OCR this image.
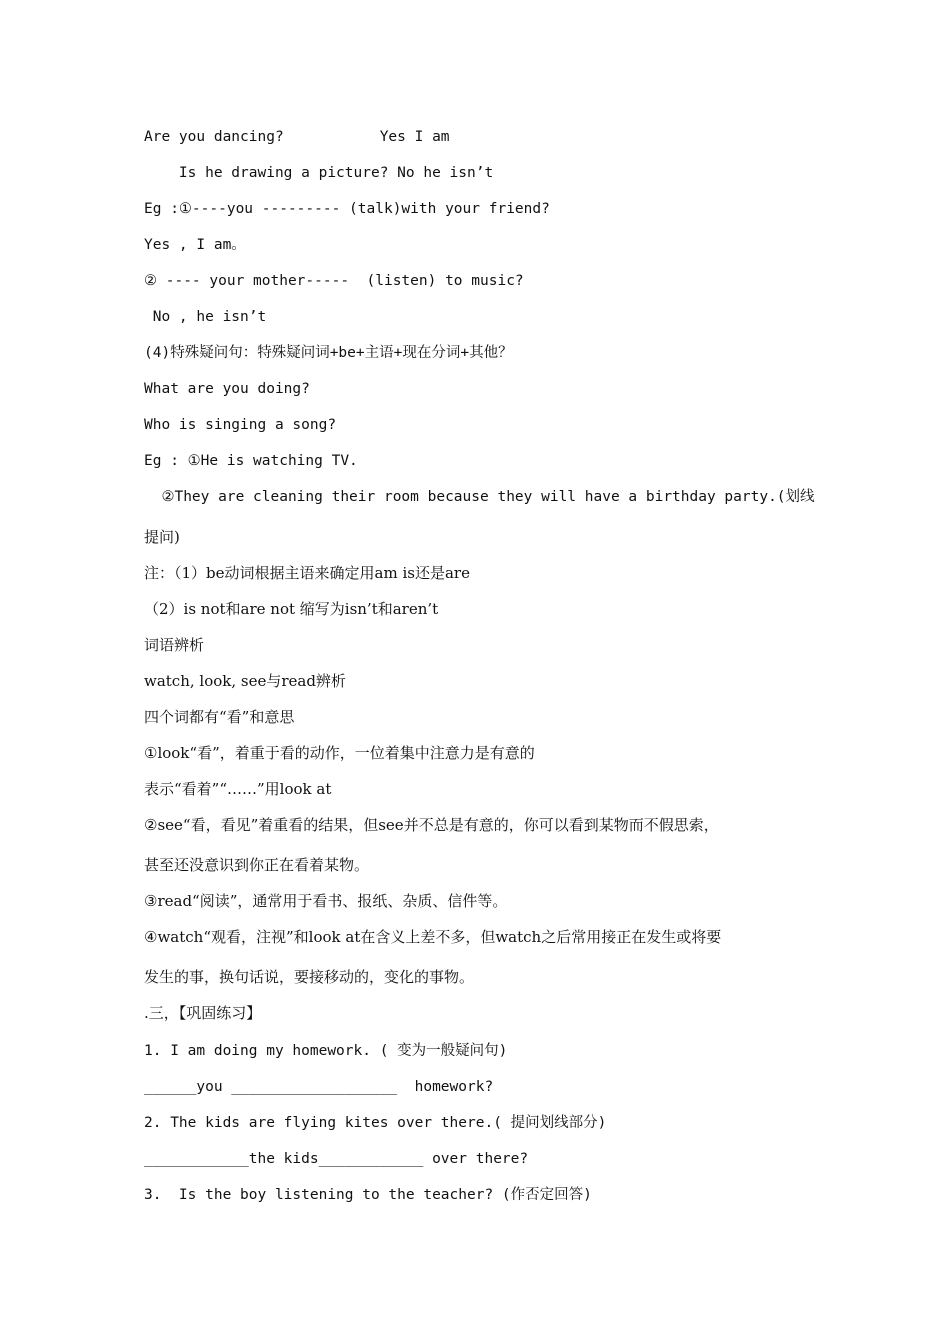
Are you dancing?           Yes I am
Is he drawing a picture? No he isn’t
Eg :①----you --------- (talk)with your friend?
Yes , I am。
② ---- your mother-----  (listen) to music?
No , he isn’t
(4)特殊疑问句：特殊疑问词+be+主语+现在分词+其他？
What are you doing?
Who is singing a song?
Eg : ①He is watching TV.
②They are cleaning their room because they will have a birthday party.(划线
提问)
注：（1）be动词根据主语来确定用am is还是are
（2）is not和are not 缩写为isn’t和aren’t
词语辨析
watch, look, see与read辨析
四个词都有“看”和意思
①look“看”，着重于看的动作，一位着集中注意力是有意的
表示“看着”“……”用look at
②see“看，看见”着重看的结果，但see并不总是有意的，你可以看到某物而不假思索，
甚至还没意识到你正在看着某物。
③read“阅读”，通常用于看书、报纸、杂质、信件等。
④watch“观看，注视”和look at在含义上差不多，但watch之后常用接正在发生或将要
发生的事，换句话说，要接移动的，变化的事物。
.三，【巩固练习】
1. I am doing my homework. ( 变为一般疑问句)
______you ___________________  homework?
2. The kids are flying kites over there.( 提问划线部分)
____________the kids____________ over there?
3.  Is the boy listening to the teacher? (作否定回答)
